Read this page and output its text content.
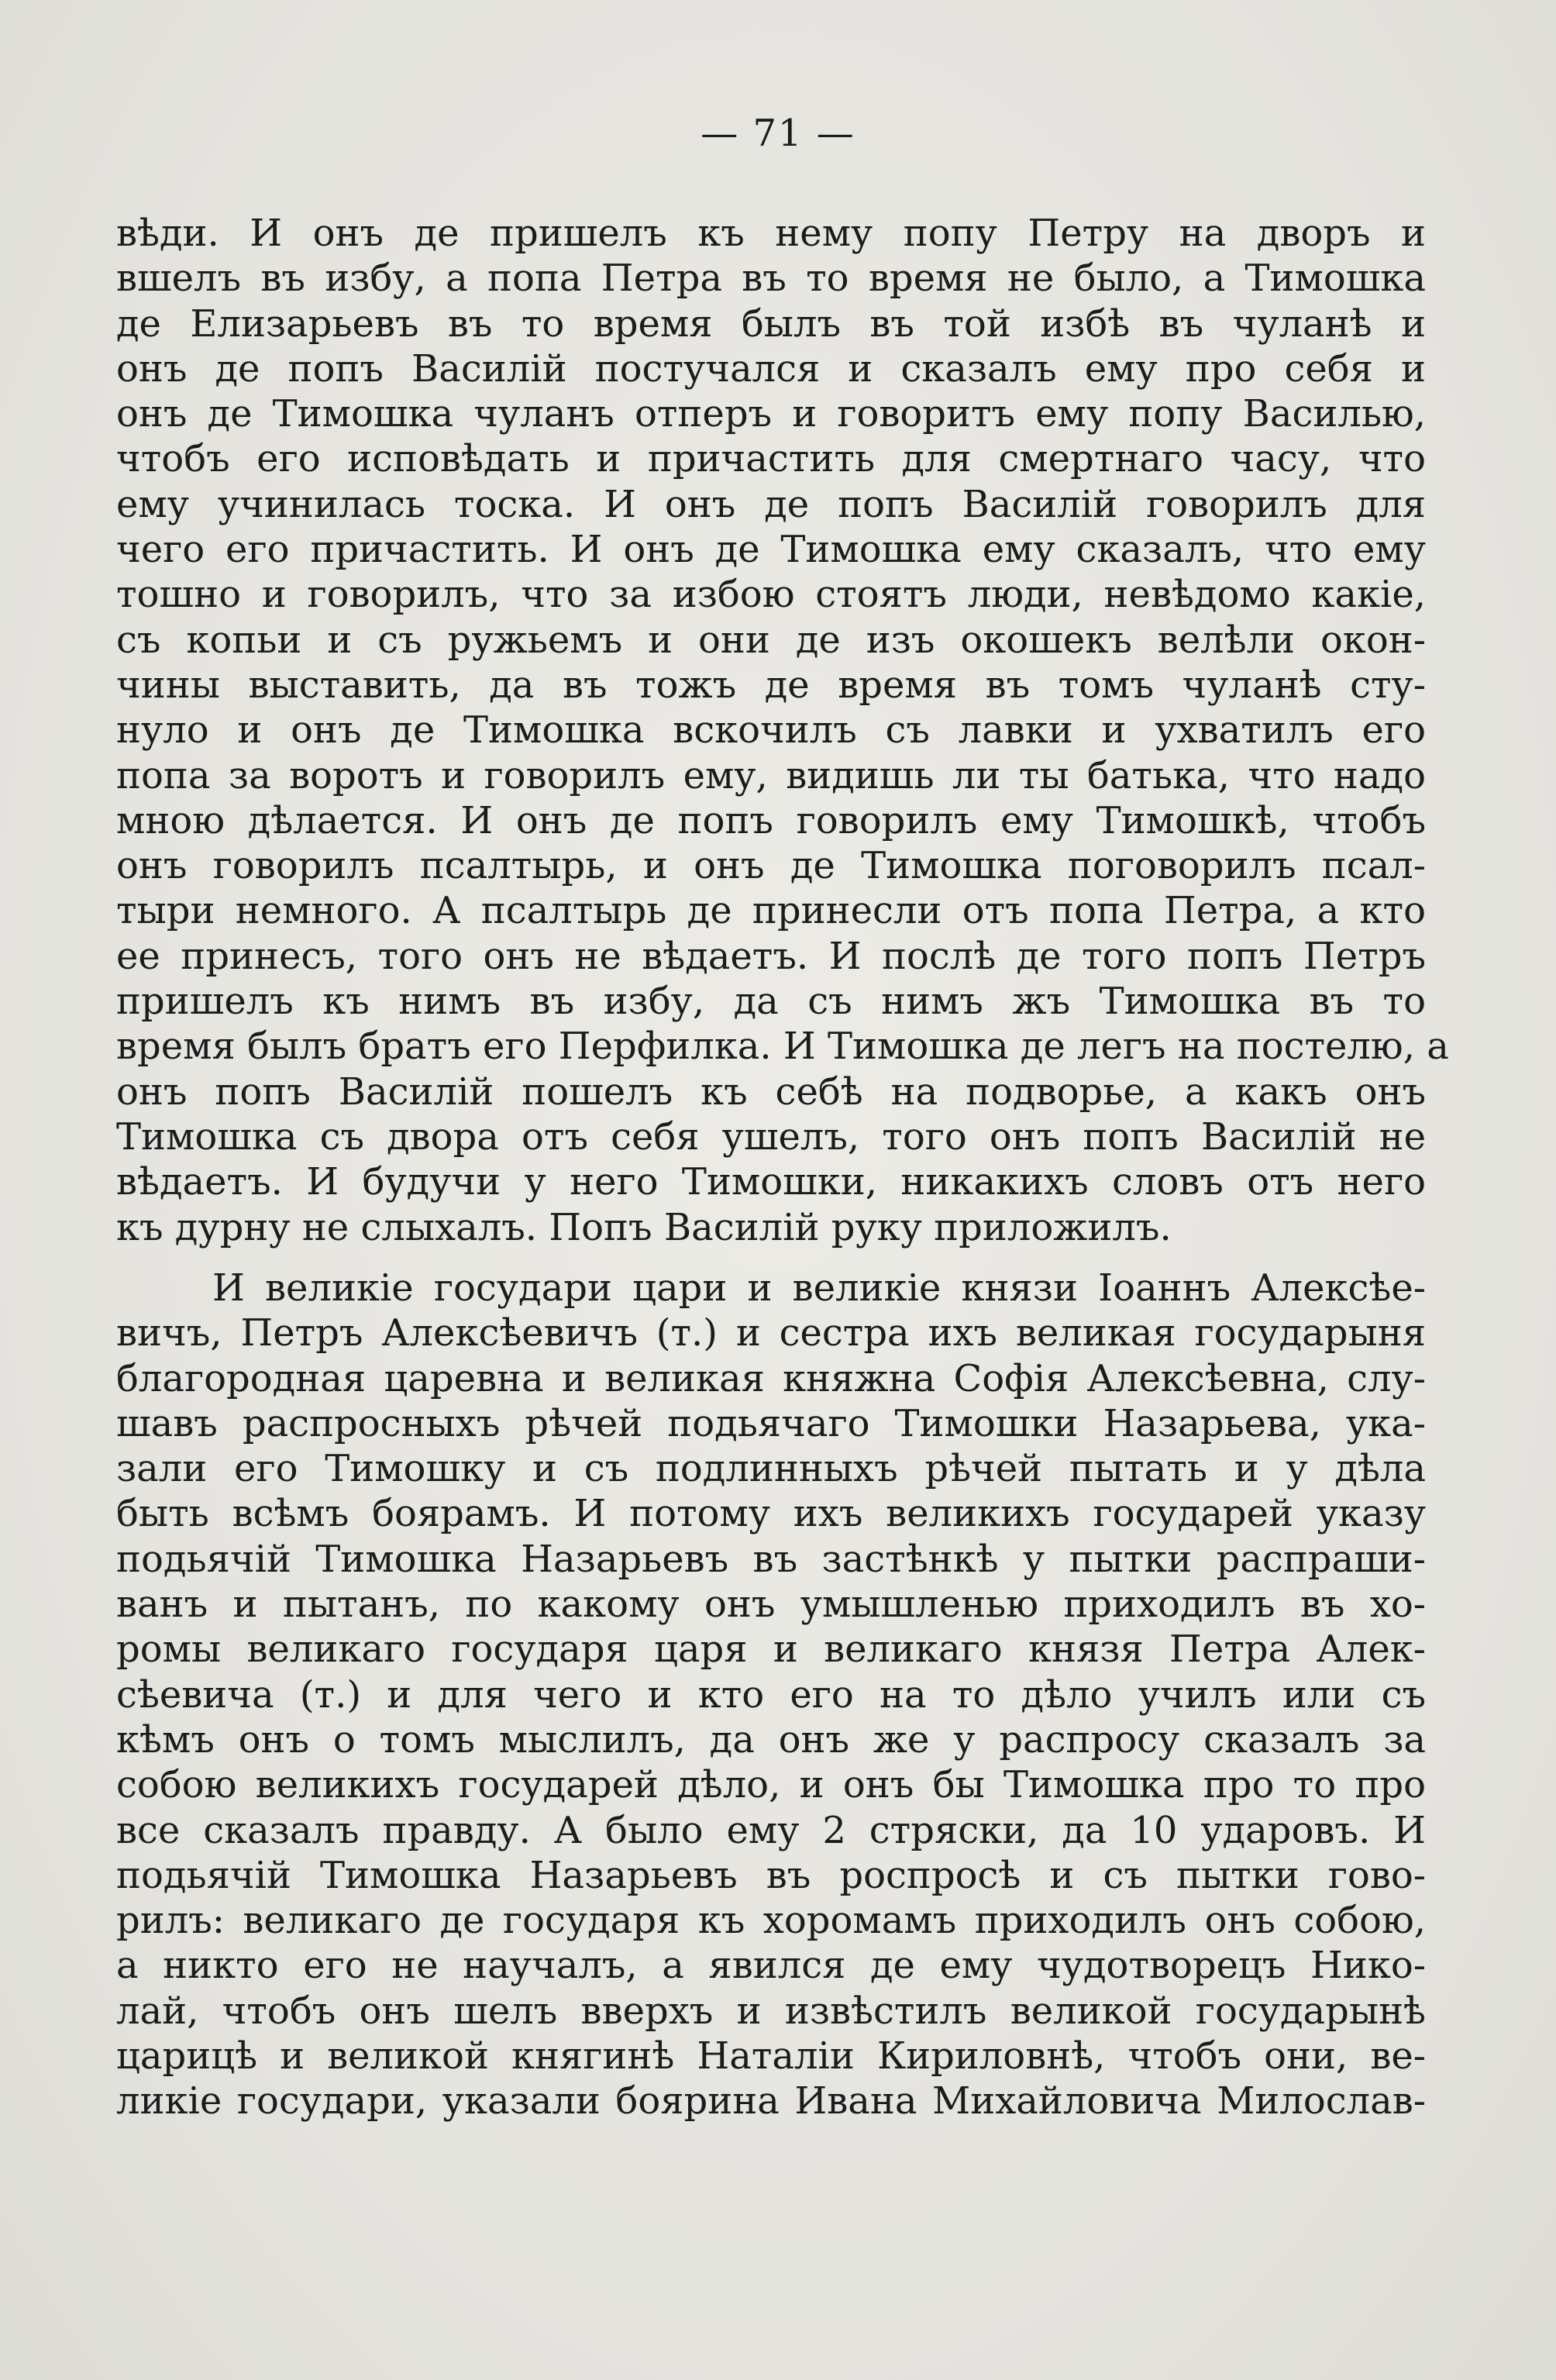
— 71 —
вѣди. И онъ де пришелъ къ нему попу Петру на дворъ и
вшелъ въ избу, а попа Петра въ то время не было, а Тимошка
де Елизарьевъ въ то время былъ въ той избѣ въ чуланѣ и
онъ де попъ Василій постучался и сказалъ ему про себя и
онъ де Тимошка чуланъ отперъ и говоритъ ему попу Василью,
чтобъ его исповѣдать и причастить для смертнаго часу, что
ему учинилась тоска. И онъ де попъ Василій говорилъ для
чего его причастить. И онъ де Тимошка ему сказалъ, что ему
тошно и говорилъ, что за избою стоятъ люди, невѣдомо какіе,
съ копьи и съ ружьемъ и они де изъ окошекъ велѣли окон-
чины выставить, да въ тожъ де время въ томъ чуланѣ сту-
нуло и онъ де Тимошка вскочилъ съ лавки и ухватилъ его
попа за воротъ и говорилъ ему, видишь ли ты батька, что надо
мною дѣлается. И онъ де попъ говорилъ ему Тимошкѣ, чтобъ
онъ говорилъ псалтырь, и онъ де Тимошка поговорилъ псал-
тыри немного. А псалтырь де принесли отъ попа Петра, а кто
ее принесъ, того онъ не вѣдаетъ. И послѣ де того попъ Петръ
пришелъ къ нимъ въ избу, да съ нимъ жъ Тимошка въ то
время былъ братъ его Перфилка. И Тимошка де легъ на постелю, а
онъ попъ Василій пошелъ къ себѣ на подворье, а какъ онъ
Тимошка съ двора отъ себя ушелъ, того онъ попъ Василій не
вѣдаетъ. И будучи у него Тимошки, никакихъ словъ отъ него
къ дурну не слыхалъ. Попъ Василій руку приложилъ.
И великіе государи цари и великіе князи Іоаннъ Алексѣе-
вичъ, Петръ Алексѣевичъ (т.) и сестра ихъ великая государыня
благородная царевна и великая княжна Софія Алексѣевна, слу-
шавъ распросныхъ рѣчей подьячаго Тимошки Назарьева, ука-
зали его Тимошку и съ подлинныхъ рѣчей пытать и у дѣла
быть всѣмъ боярамъ. И потому ихъ великихъ государей указу
подьячій Тимошка Назарьевъ въ застѣнкѣ у пытки распраши-
ванъ и пытанъ, по какому онъ умышленью приходилъ въ хо-
ромы великаго государя царя и великаго князя Петра Алек-
сѣевича (т.) и для чего и кто его на то дѣло училъ или съ
кѣмъ онъ о томъ мыслилъ, да онъ же у распросу сказалъ за
собою великихъ государей дѣло, и онъ бы Тимошка про то про
все сказалъ правду. А было ему 2 стряски, да 10 ударовъ. И
подьячій Тимошка Назарьевъ въ роспросѣ и съ пытки гово-
рилъ: великаго де государя къ хоромамъ приходилъ онъ собою,
а никто его не научалъ, а явился де ему чудотворецъ Нико-
лай, чтобъ онъ шелъ вверхъ и извѣстилъ великой государынѣ
царицѣ и великой княгинѣ Наталіи Кириловнѣ, чтобъ они, ве-
ликіе государи, указали боярина Ивана Михайловича Милослав-
